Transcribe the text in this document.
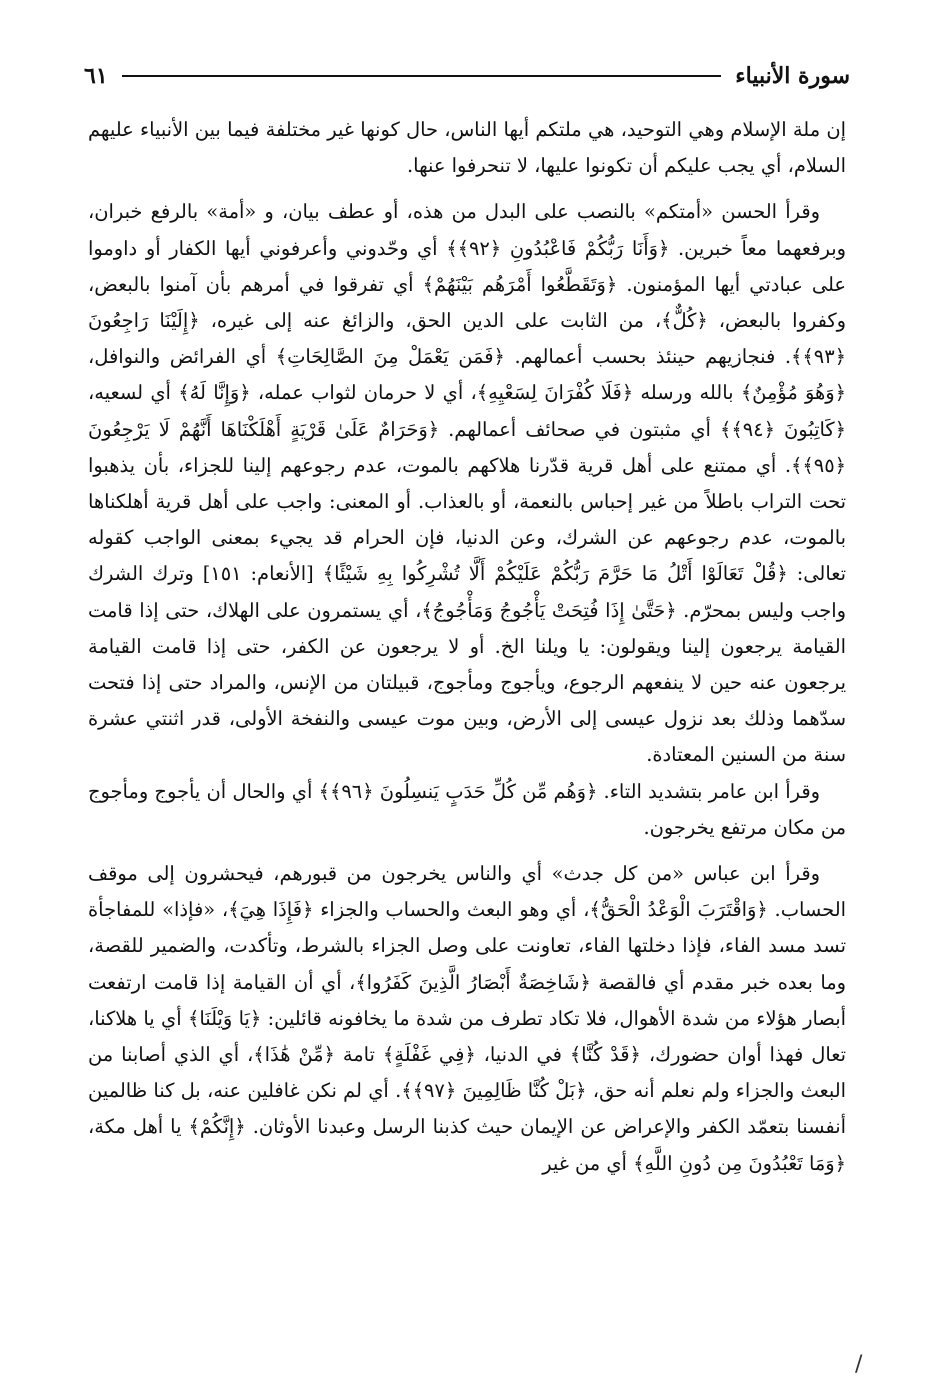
سورة الأنبياء
٦١

إن ملة الإسلام وهي التوحيد، هي ملتكم أيها الناس، حال كونها غير مختلفة فيما بين الأنبياء عليهم السلام، أي يجب عليكم أن تكونوا عليها، لا تنحرفوا عنها.

وقرأ الحسن «أمتكم» بالنصب على البدل من هذه، أو عطف بيان، و «أمة» بالرفع خبران، وبرفعهما معاً خبرين. ﴿وَأَنَا رَبُّكُمْ فَاعْبُدُونِ ﴿٩٢﴾﴾ أي وحّدوني وأعرفوني أيها الكفار أو داوموا على عبادتي أيها المؤمنون. ﴿وَتَقَطَّعُوا أَمْرَهُم بَيْنَهُمْ﴾ أي تفرقوا في أمرهم بأن آمنوا بالبعض، وكفروا بالبعض، ﴿كُلٌّ﴾، من الثابت على الدين الحق، والزائغ عنه إلى غيره، ﴿إِلَيْنَا رَاجِعُونَ ﴿٩٣﴾﴾. فنجازيهم حينئذ بحسب أعمالهم. ﴿فَمَن يَعْمَلْ مِنَ الصَّالِحَاتِ﴾ أي الفرائض والنوافل، ﴿وَهُوَ مُؤْمِنٌ﴾ بالله ورسله ﴿فَلَا كُفْرَانَ لِسَعْيِهِ﴾، أي لا حرمان لثواب عمله، ﴿وَإِنَّا لَهُ﴾ أي لسعيه، ﴿كَاتِبُونَ ﴿٩٤﴾﴾ أي مثبتون في صحائف أعمالهم. ﴿وَحَرَامٌ عَلَىٰ قَرْيَةٍ أَهْلَكْنَاهَا أَنَّهُمْ لَا يَرْجِعُونَ ﴿٩٥﴾﴾. أي ممتنع على أهل قرية قدّرنا هلاكهم بالموت، عدم رجوعهم إلينا للجزاء، بأن يذهبوا تحت التراب باطلاً من غير إحباس بالنعمة، أو بالعذاب. أو المعنى: واجب على أهل قرية أهلكناها بالموت، عدم رجوعهم عن الشرك، وعن الدنيا، فإن الحرام قد يجيء بمعنى الواجب كقوله تعالى: ﴿قُلْ تَعَالَوْا أَتْلُ مَا حَرَّمَ رَبُّكُمْ عَلَيْكُمْ أَلَّا تُشْرِكُوا بِهِ شَيْئًا﴾ [الأنعام: ١٥١] وترك الشرك واجب وليس بمحرّم. ﴿حَتَّىٰ إِذَا فُتِحَتْ يَأْجُوجُ وَمَأْجُوجُ﴾، أي يستمرون على الهلاك، حتى إذا قامت القيامة يرجعون إلينا ويقولون: يا ويلنا الخ. أو لا يرجعون عن الكفر، حتى إذا قامت القيامة يرجعون عنه حين لا ينفعهم الرجوع، ويأجوج ومأجوج، قبيلتان من الإنس، والمراد حتى إذا فتحت سدّهما وذلك بعد نزول عيسى إلى الأرض، وبين موت عيسى والنفخة الأولى، قدر اثنتي عشرة سنة من السنين المعتادة.

وقرأ ابن عامر بتشديد التاء. ﴿وَهُم مِّن كُلِّ حَدَبٍ يَنسِلُونَ ﴿٩٦﴾﴾ أي والحال أن يأجوج ومأجوج من مكان مرتفع يخرجون.

وقرأ ابن عباس «من كل جدث» أي والناس يخرجون من قبورهم، فيحشرون إلى موقف الحساب. ﴿وَاقْتَرَبَ الْوَعْدُ الْحَقُّ﴾، أي وهو البعث والحساب والجزاء ﴿فَإِذَا هِيَ﴾، «فإذا» للمفاجأة تسد مسد الفاء، فإذا دخلتها الفاء، تعاونت على وصل الجزاء بالشرط، وتأكدت، والضمير للقصة، وما بعده خبر مقدم أي فالقصة ﴿شَاخِصَةٌ أَبْصَارُ الَّذِينَ كَفَرُوا﴾، أي أن القيامة إذا قامت ارتفعت أبصار هؤلاء من شدة الأهوال، فلا تكاد تطرف من شدة ما يخافونه قائلين: ﴿يَا وَيْلَنَا﴾ أي يا هلاكنا، تعال فهذا أوان حضورك، ﴿قَدْ كُنَّا﴾ في الدنيا، ﴿فِي غَفْلَةٍ﴾ تامة ﴿مِّنْ هَٰذَا﴾، أي الذي أصابنا من البعث والجزاء ولم نعلم أنه حق، ﴿بَلْ كُنَّا ظَالِمِينَ ﴿٩٧﴾﴾. أي لم نكن غافلين عنه، بل كنا ظالمين أنفسنا بتعمّد الكفر والإعراض عن الإيمان حيث كذبنا الرسل وعبدنا الأوثان. ﴿إِنَّكُمْ﴾ يا أهل مكة، ﴿وَمَا تَعْبُدُونَ مِن دُونِ اللَّهِ﴾ أي من غير

/
